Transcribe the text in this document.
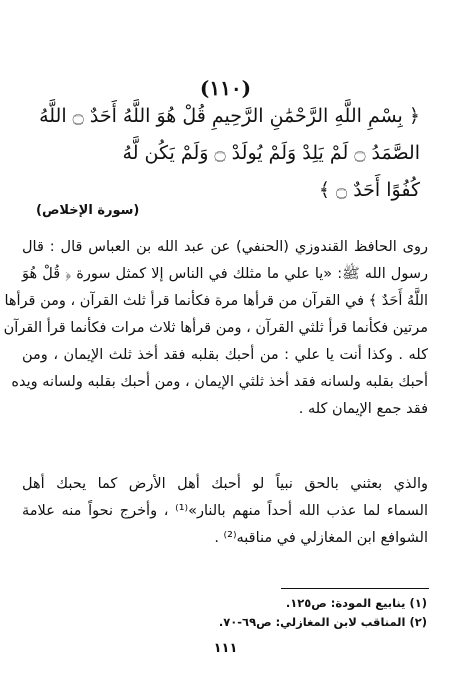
(١١٠)
﴿ بِسْمِ اللَّهِ الرَّحْمَٰنِ الرَّحِيمِ قُلْ هُوَ اللَّهُ أَحَدٌ ۝ اللَّهُ
الصَّمَدُ ۝ لَمْ يَلِدْ وَلَمْ يُولَدْ ۝ وَلَمْ يَكُن لَّهُ
كُفُوًا أَحَدٌ ۝ ﴾
(سورة الإخلاص)
روى الحافظ القندوزي (الحنفي) عن عبد الله بن العباس قال : قال
رسول الله ﷺ: «يا علي ما مثلك في الناس إلا كمثل سورة ﴿ قُلْ هُوَ
اللَّهُ أَحَدٌ ﴾ في القرآن من قرأها مرة فكأنما قرأ ثلث القرآن ، ومن قرأها
مرتين فكأنما قرأ ثلثي القرآن ، ومن قرأها ثلاث مرات فكأنما قرأ القرآن
كله . وكذا أنت يا علي : من أحبك بقلبه فقد أخذ ثلث الإيمان ، ومن
أحبك بقلبه ولسانه فقد أخذ ثلثي الإيمان ، ومن أحبك بقلبه ولسانه ويده
فقد جمع الإيمان كله .
والذي بعثني بالحق نبياً لو أحبك أهل الأرض كما يحبك أهل
السماء لما عذب الله أحداً منهم بالنار»⁽¹⁾ ، وأخرج نحواً منه علامة
الشوافع ابن المغازلي في مناقبه⁽²⁾ .
(١) ينابيع المودة: ص١٢٥.
(٢) المناقب لابن المغازلي: ص٦٩-٧٠.
١١١
